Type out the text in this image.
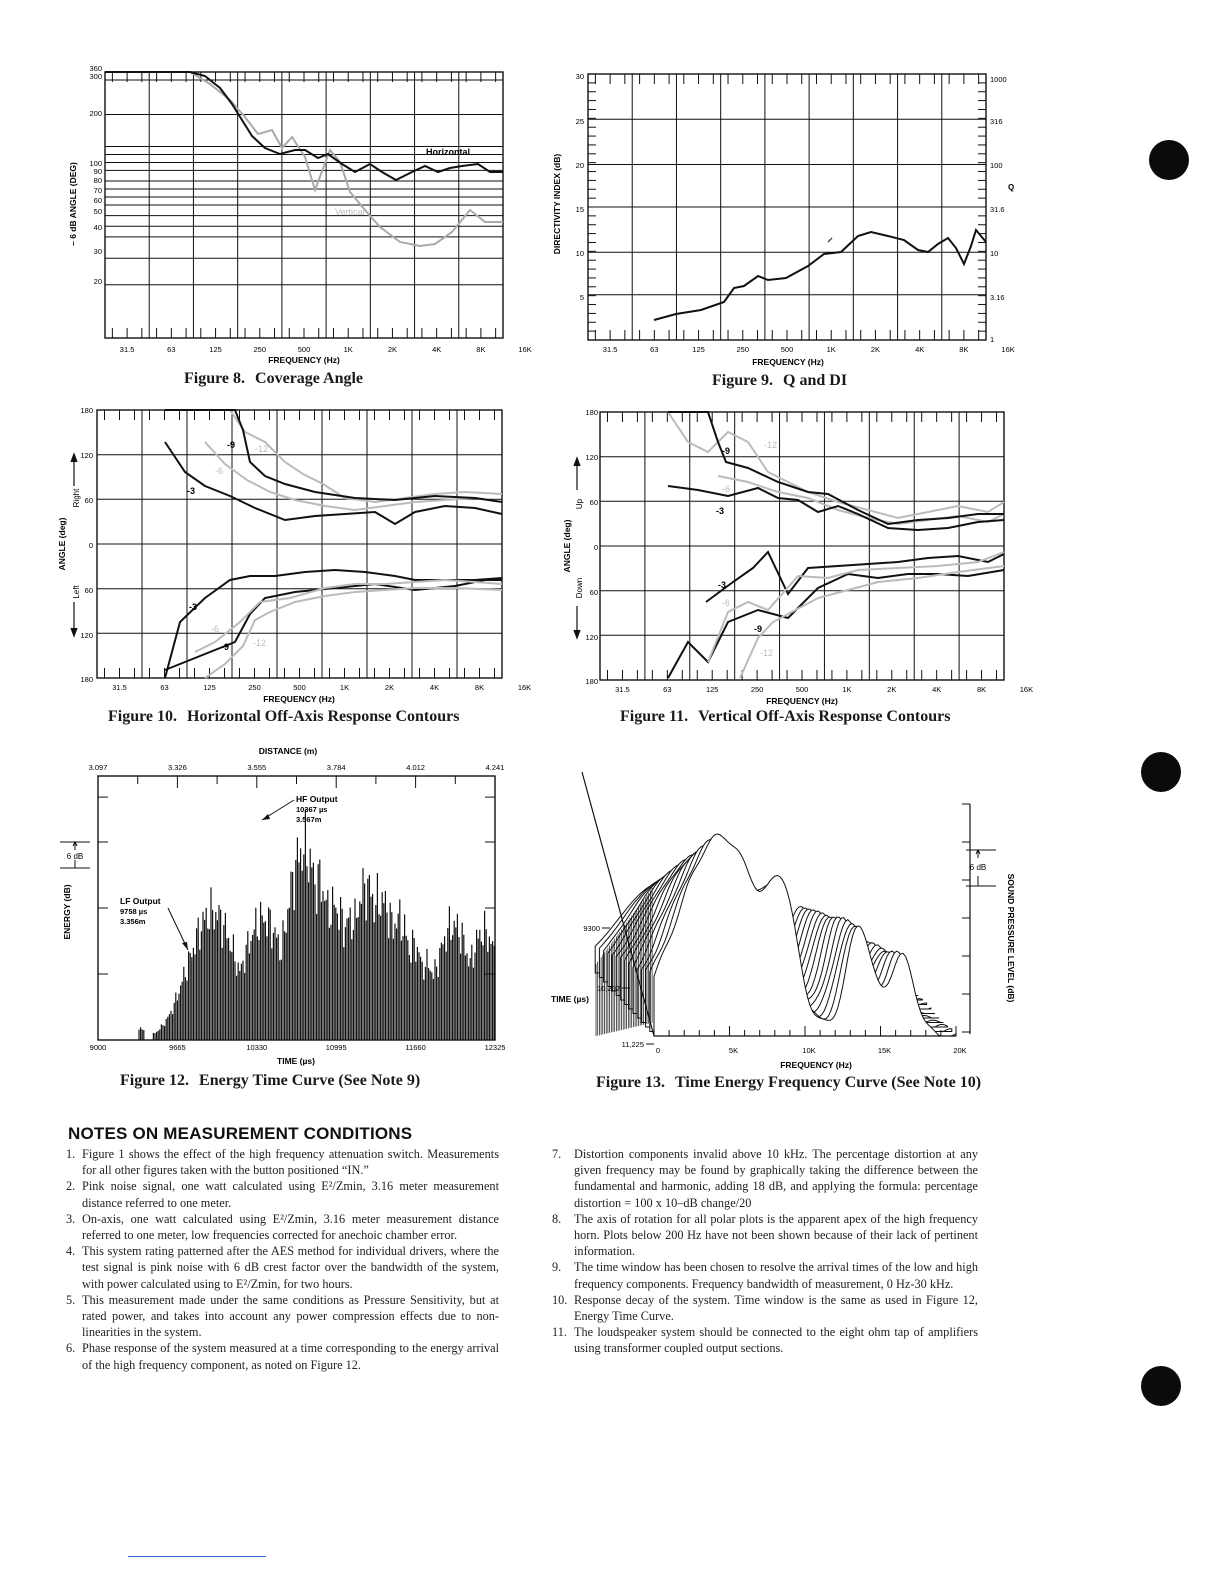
360
300
200
100
90
80
70
60
50
40
30
20
31.5	63	125	250	500	1K	2K	4K	8K	16K
Horizontal
Vertical
FREQUENCY (Hz)
– 6 dB ANGLE (DEG)
Figure 8. Coverage Angle
30
25
20
15
10
5
1000
316
100
31.6
10
3.16
1
31.5	63	125	250	500	1K	2K	4K	8K	16K
Q
FREQUENCY (Hz)
DIRECTIVITY INDEX (dB)
Figure 9. Q and DI
-9 -12
-6
-3
-3
-6
-9	-12
180
120
60
0
60
120
180
31.5	63	125	250	500	1K	2K	4K	8K	16K
FREQUENCY (Hz)
ANGLE (deg)
Right
Left
Figure 10. Horizontal Off-Axis Response Contours
-9
-12
-6
-3
-3
-6
-9
-12
180
120
60
0
60
120
180
31.5	63	125	250	500	1K	2K	4K	8K	16K
FREQUENCY (Hz)
ANGLE (deg)
Up
Down
Figure 11. Vertical Off-Axis Response Contours
3.097	3.326	3.555	3.784	4.012	4.241
9000	9665	10330	10995	11660	12325
DISTANCE (m)
TIME (µs)
ENERGY (dB)
6 dB
HF Output
10367 µs
3.567m
LF Output
9758 µs
3.356m
Figure 12. Energy Time Curve (See Note 9)
0	5K	10K	15K	20K
9300
10,202
11,225
FREQUENCY (Hz)
TIME (µs)	SOUND PRESSURE LEVEL (dB)
6 dB
Figure 13. Time Energy Frequency Curve (See Note 10)
NOTES ON MEASUREMENT CONDITIONS
1. Figure 1 shows the effect of the high frequency attenuation switch. Measurements for all other figures taken with the button positioned “IN.”
2. Pink noise signal, one watt calculated using E²/Zmin, 3.16 meter measurement distance referred to one meter.
3. On-axis, one watt calculated using E²/Zmin, 3.16 meter measurement distance referred to one meter, low frequencies corrected for anechoic chamber error.
4. This system rating patterned after the AES method for individual drivers, where the test signal is pink noise with 6 dB crest factor over the bandwidth of the system, with power calculated using to E²/Zmin, for two hours.
5. This measurement made under the same conditions as Pressure Sensitivity, but at rated power, and takes into account any power compression effects due to non-linearities in the system.
6. Phase response of the system measured at a time corresponding to the energy arrival of the high frequency component, as noted on Figure 12.
7. Distortion components invalid above 10 kHz. The percentage distortion at any given frequency may be found by graphically taking the difference between the fundamental and harmonic, adding 18 dB, and applying the formula: percentage distortion = 100 x 10–dB change/20
8. The axis of rotation for all polar plots is the apparent apex of the high frequency horn. Plots below 200 Hz have not been shown because of their lack of pertinent information.
9. The time window has been chosen to resolve the arrival times of the low and high frequency components. Frequency bandwidth of measurement, 0 Hz-30 kHz.
10. Response decay of the system. Time window is the same as used in Figure 12, Energy Time Curve.
11. The loudspeaker system should be connected to the eight ohm tap of amplifiers using transformer coupled output sections.
